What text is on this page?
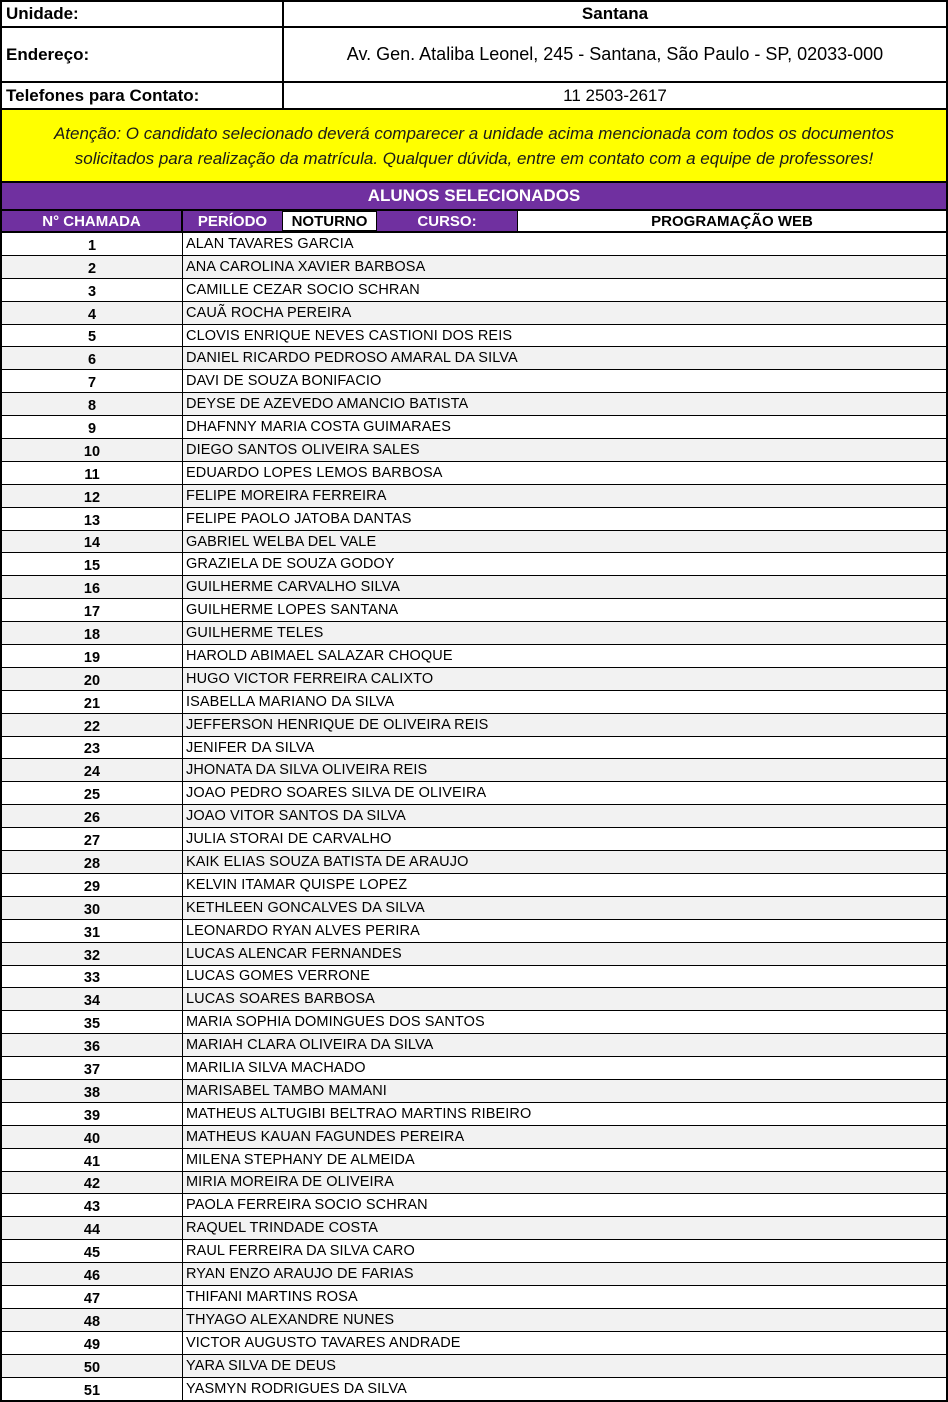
Unidade:	Santana
Endereço:	Av. Gen. Ataliba Leonel, 245 - Santana, São Paulo - SP, 02033-000
Telefones para Contato:	11 2503-2617
Atenção: O candidato selecionado deverá comparecer a unidade acima mencionada com todos os documentos solicitados para realização da matrícula. Qualquer dúvida, entre em contato com a equipe de professores!
ALUNOS SELECIONADOS
N° CHAMADA	PERÍODO	NOTURNO	CURSO:	PROGRAMAÇÃO WEB
1	ALAN TAVARES GARCIA
2	ANA CAROLINA XAVIER BARBOSA
3	CAMILLE CEZAR SOCIO SCHRAN
4	CAUÃ ROCHA PEREIRA
5	CLOVIS ENRIQUE NEVES CASTIONI DOS REIS
6	DANIEL RICARDO PEDROSO AMARAL DA SILVA
7	DAVI DE SOUZA BONIFACIO
8	DEYSE DE AZEVEDO AMANCIO BATISTA
9	DHAFNNY MARIA COSTA GUIMARAES
10	DIEGO SANTOS OLIVEIRA SALES
11	EDUARDO LOPES LEMOS BARBOSA
12	FELIPE MOREIRA FERREIRA
13	FELIPE PAOLO JATOBA DANTAS
14	GABRIEL WELBA DEL VALE
15	GRAZIELA DE SOUZA GODOY
16	GUILHERME CARVALHO SILVA
17	GUILHERME LOPES SANTANA
18	GUILHERME TELES
19	HAROLD ABIMAEL SALAZAR CHOQUE
20	HUGO VICTOR FERREIRA CALIXTO
21	ISABELLA MARIANO DA SILVA
22	JEFFERSON HENRIQUE DE OLIVEIRA REIS
23	JENIFER DA SILVA
24	JHONATA DA SILVA OLIVEIRA REIS
25	JOAO PEDRO SOARES SILVA DE OLIVEIRA
26	JOAO VITOR SANTOS DA SILVA
27	JULIA STORAI DE CARVALHO
28	KAIK ELIAS SOUZA BATISTA DE ARAUJO
29	KELVIN ITAMAR QUISPE LOPEZ
30	KETHLEEN GONCALVES DA SILVA
31	LEONARDO RYAN ALVES PERIRA
32	LUCAS ALENCAR FERNANDES
33	LUCAS GOMES VERRONE
34	LUCAS SOARES BARBOSA
35	MARIA SOPHIA DOMINGUES DOS SANTOS
36	MARIAH CLARA OLIVEIRA DA SILVA
37	MARILIA SILVA MACHADO
38	MARISABEL TAMBO MAMANI
39	MATHEUS ALTUGIBI BELTRAO MARTINS RIBEIRO
40	MATHEUS KAUAN FAGUNDES PEREIRA
41	MILENA STEPHANY DE ALMEIDA
42	MIRIA MOREIRA DE OLIVEIRA
43	PAOLA FERREIRA SOCIO SCHRAN
44	RAQUEL TRINDADE COSTA
45	RAUL FERREIRA DA SILVA CARO
46	RYAN ENZO ARAUJO DE FARIAS
47	THIFANI MARTINS ROSA
48	THYAGO ALEXANDRE NUNES
49	VICTOR AUGUSTO TAVARES ANDRADE
50	YARA SILVA DE DEUS
51	YASMYN RODRIGUES DA SILVA
